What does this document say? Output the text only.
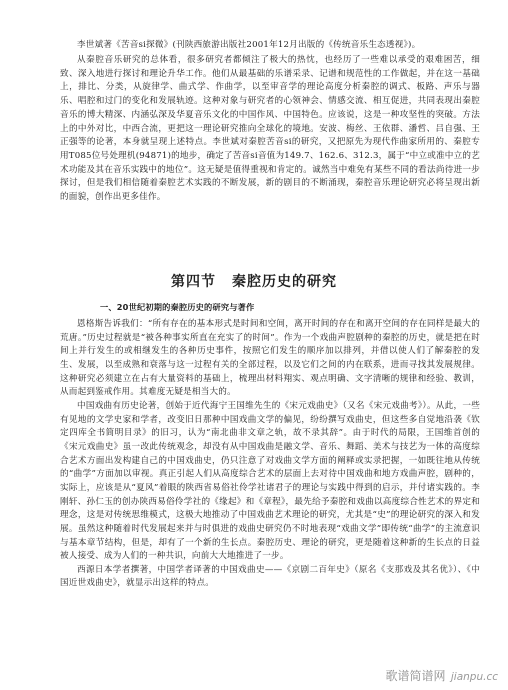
李世斌著《苦音si探微》(刊陕西旅游出版社2001年12月出版的《传统音乐生态透视》)。

从秦腔音乐研究的总体看，很多研究者都倾注了极大的热忱，也经历了一些难以承受的艰难困苦，细致、深入地进行探讨和理论升华工作。他们从最基础的乐谱采录、记谱和规范性的工作做起，并在这一基础上，排比、分类，从旋律学、曲式学、作曲学，以至审音学的理论高度分析秦腔的调式、板路、声乐与器乐、唱腔和过门的变化和发展轨迹。这种对象与研究者的心领神会、情感交流、相互促进，共同表现出秦腔音乐的博大精深、内涵弘深及华夏音乐文化的中国作风、中国特色。应该说，这是一种攻坚性的突破。方法上的中外对比，中西合流，更把这一理论研究推向全球化的境地。安波、梅丝、王依群、潘哲、吕自强、王正强等的论著，本身就呈现上述特点。李世斌对秦腔苦音si的研究，又把原先为现代作曲家所用的、秦腔专用T085位号处理机(94871)的地步，确定了苦音si音值为149.7、162.6、312.3，属于“中立或准中立的艺术功能及其在音乐实践中的地位”。这无疑是值得重视和肯定的。诚然当中难免有某些不同的看法尚待进一步探讨，但是我们相信随着秦腔艺术实践的不断发展，新的剧目的不断涌现，秦腔音乐理论研究必将呈现出新的面貌，创作出更多佳作。

第四节 秦腔历史的研究
一、20世纪初期的秦腔历史的研究与著作

恩格斯告诉我们：“所有存在的基本形式是时间和空间，离开时间的存在和离开空间的存在同样是最大的荒唐。”历史过程就是“被各种事实所直在充实了的时间”。作为一个戏曲声腔剧种的秦腔的历史，就是把在时间上并行发生的或相继发生的各种历史事件，按照它们发生的顺序加以排列，并借以使人们了解秦腔的发生、发展，以至成熟和衰落与这一过程有关的全部过程，以及它们之间的内在联系，进而寻找其发展规律。这种研究必须建立在占有大量资料的基础上，梳理出材料翔实、观点明确、文字清晰的规律和经验、教训，从而起到鉴戒作用。其难度无疑是相当大的。

中国戏曲有历史论著，创始于近代海宁王国维先生的《宋元戏曲史》（又名《宋元戏曲考》）。从此，一些有见地的文学史家和学者，改变旧日那种中国戏曲文学的偏见，纷纷撰写戏曲史，但这些多自觉地沿袭《钦定四库全书简明目录》的旧习，认为“南北曲非文章之轨，故不录其辞”。由于时代的局限，王国维首创的《宋元戏曲史》虽一改此传统观念，却没有从中国戏曲是融文学、音乐、舞蹈、美术与技艺为一体的高度综合艺术方面出发构建自己的中国戏曲史，仍只注意了对戏曲文学方面的阐释或实录把握，一如既往地从传统的“曲学”方面加以审视。真正引起人们从高度综合艺术的层面上去对待中国戏曲和地方戏曲声腔，剧种的，实际上，应该是从“夏风”着眼的陕西省易俗社伶学社诸君子的理论与实践中得到的启示，并付诸实践的。李刚轩、孙仁玉的创办陕西易俗伶学社的《缘起》和《章程》，最先给予秦腔和戏曲以高度综合性艺术的界定和理念，这是对传统思维模式，这极大地推动了中国戏曲艺术理论的研究，尤其是“史”的理论研究的深入和发展。虽然这种随着时代发展起来并与时俱进的戏曲史研究仍不时地表现“戏曲文学”即传统“曲学”的主流意识与基本章节结构，但是，却有了一个新的生长点。秦腔历史、理论的研究，更是随着这种新的生长点的日益被人接受、成为人们的一种共识，向前大大地推进了一步。

西源日本学者撰著，中国学者译著的中国戏曲史——《京剧二百年史》（原名《支那戏及其名优》）、《中国近世戏曲史》，就显示出这样的特点。

歌谱简谱网 jianpu.cc
